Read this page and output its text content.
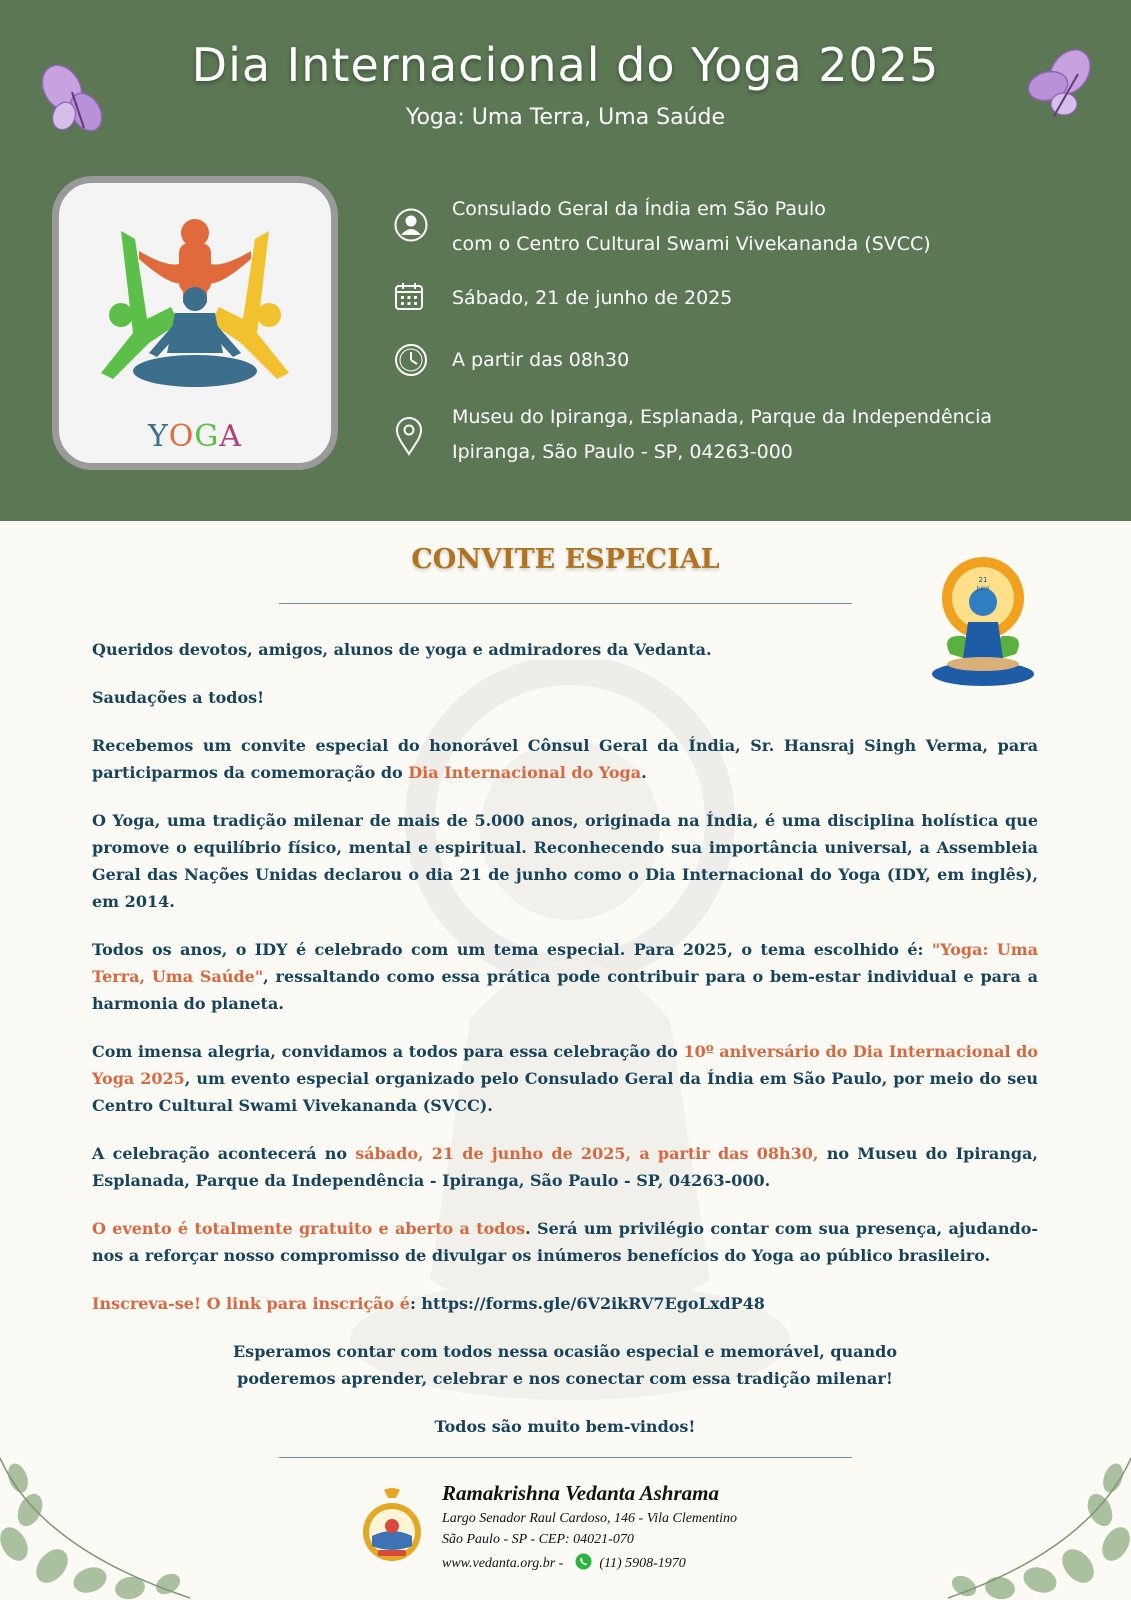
Dia Internacional do Yoga 2025
Yoga: Uma Terra, Uma Saúde
YOGA
Consulado Geral da Índia em São Paulo
com o Centro Cultural Swami Vivekananda (SVCC)
Sábado, 21 de junho de 2025
A partir das 08h30
Museu do Ipiranga, Esplanada, Parque da Independência
Ipiranga, São Paulo - SP, 04263-000
CONVITE ESPECIAL
21
June

Queridos devotos, amigos, alunos de yoga e admiradores da Vedanta.

Saudações a todos!

Recebemos um convite especial do honorável Cônsul Geral da Índia, Sr. Hansraj Singh Verma, para participarmos da comemoração do Dia Internacional do Yoga.

O Yoga, uma tradição milenar de mais de 5.000 anos, originada na Índia, é uma disciplina holística que promove o equilíbrio físico, mental e espiritual. Reconhecendo sua importância universal, a Assembleia Geral das Nações Unidas declarou o dia 21 de junho como o Dia Internacional do Yoga (IDY, em inglês), em 2014.

Todos os anos, o IDY é celebrado com um tema especial. Para 2025, o tema escolhido é: "Yoga: Uma Terra, Uma Saúde", ressaltando como essa prática pode contribuir para o bem-estar individual e para a harmonia do planeta.

Com imensa alegria, convidamos a todos para essa celebração do 10º aniversário do Dia Internacional do Yoga 2025, um evento especial organizado pelo Consulado Geral da Índia em São Paulo, por meio do seu Centro Cultural Swami Vivekananda (SVCC).

A celebração acontecerá no sábado, 21 de junho de 2025, a partir das 08h30, no Museu do Ipiranga, Esplanada, Parque da Independência - Ipiranga, São Paulo - SP, 04263-000.

O evento é totalmente gratuito e aberto a todos. Será um privilégio contar com sua presença, ajudando-nos a reforçar nosso compromisso de divulgar os inúmeros benefícios do Yoga ao público brasileiro.

Inscreva-se! O link para inscrição é: https://forms.gle/6V2ikRV7EgoLxdP48

Esperamos contar com todos nessa ocasião especial e memorável, quando
poderemos aprender, celebrar e nos conectar com essa tradição milenar!

Todos são muito bem-vindos!

Ramakrishna Vedanta Ashrama
Largo Senador Raul Cardoso, 146 - Vila Clementino
São Paulo - SP - CEP: 04021-070
www.vedanta.org.br -	(11) 5908-1970
